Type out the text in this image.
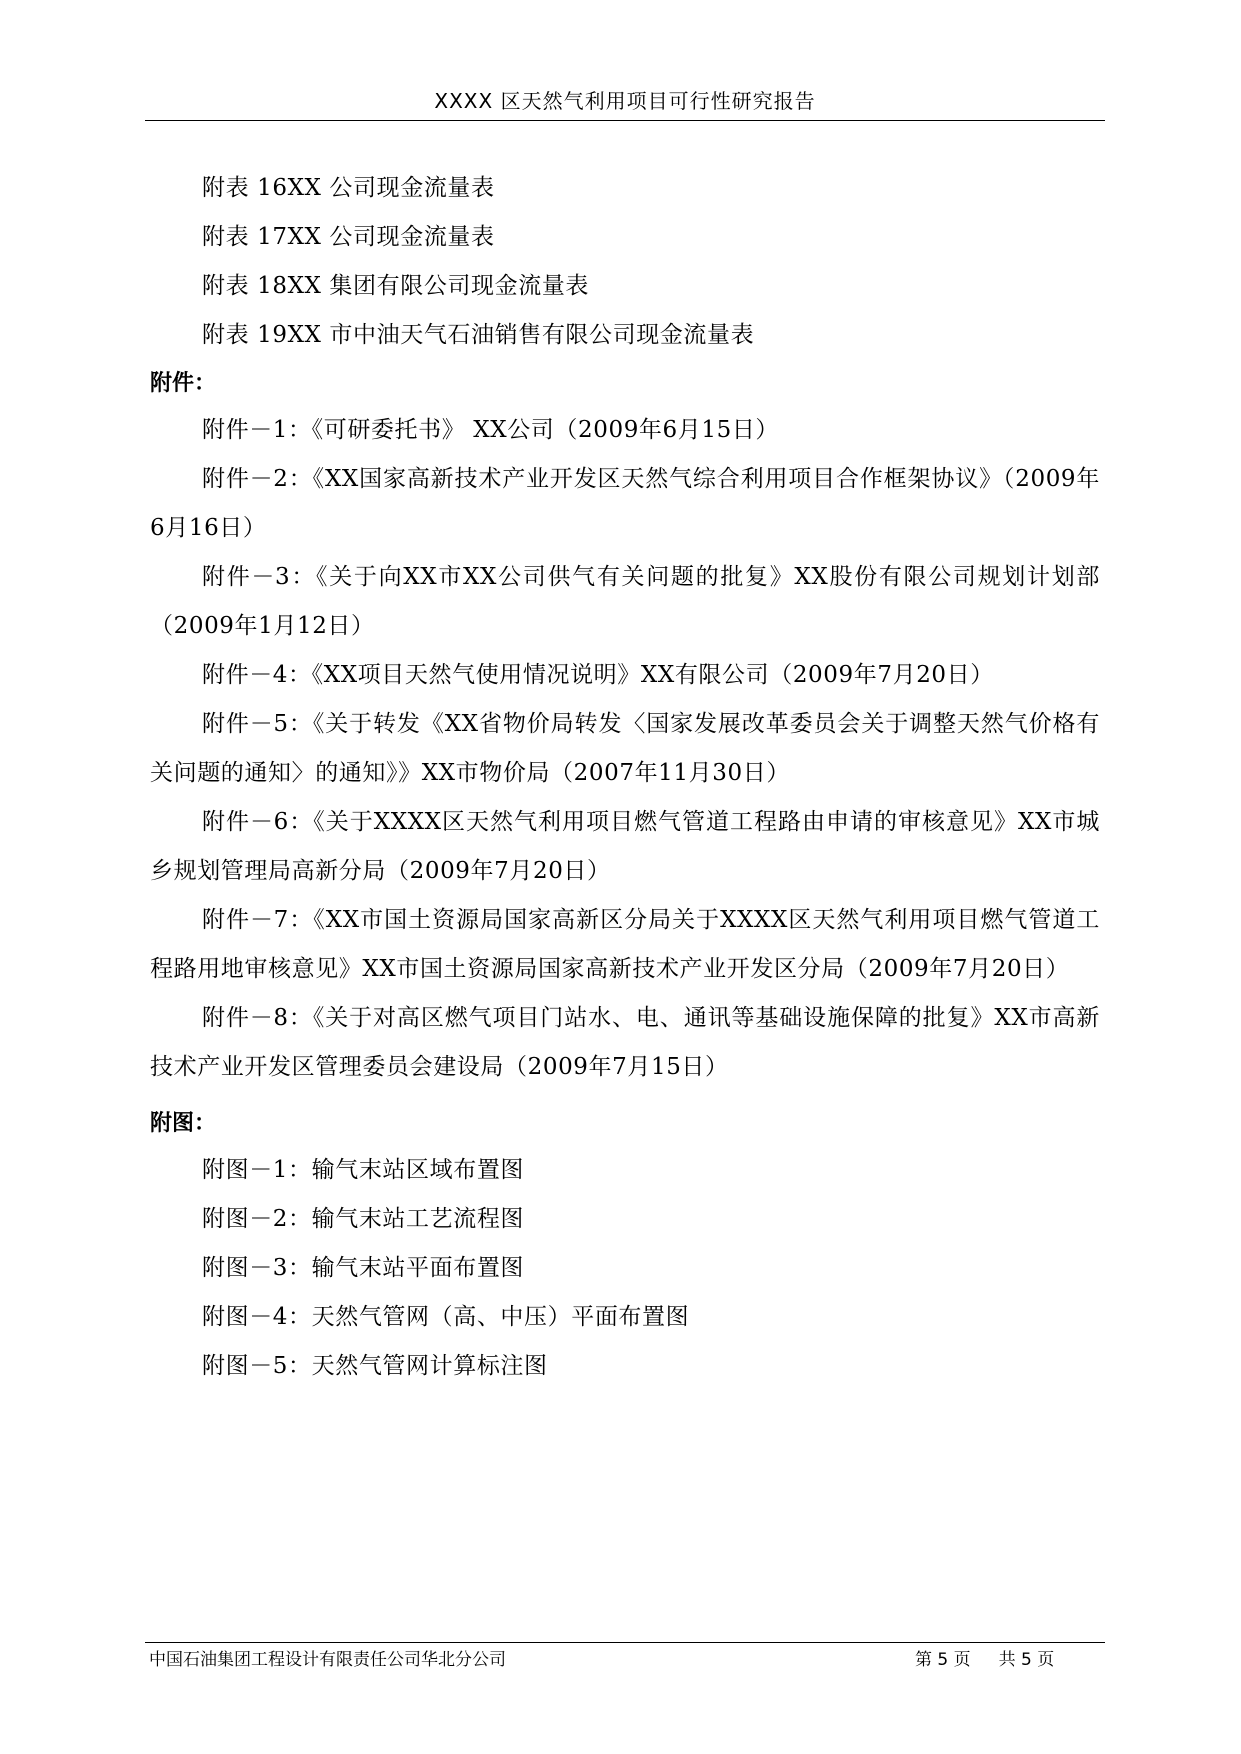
XXXX 区天然气利用项目可行性研究报告
附表 16XX 公司现金流量表
附表 17XX 公司现金流量表
附表 18XX 集团有限公司现金流量表
附表 19XX 市中油天气石油销售有限公司现金流量表
附件：
附件－1：《可研委托书》 XX公司（2009年6月15日）
附件－2：《XX国家高新技术产业开发区天然气综合利用项目合作框架协议》（2009年6月16日）
附件－3：《关于向XX市XX公司供气有关问题的批复》XX股份有限公司规划计划部（2009年1月12日）
附件－4：《XX项目天然气使用情况说明》XX有限公司（2009年7月20日）
附件－5：《关于转发《XX省物价局转发〈国家发展改革委员会关于调整天然气价格有关问题的通知〉的通知》》XX市物价局（2007年11月30日）
附件－6：《关于XXXX区天然气利用项目燃气管道工程路由申请的审核意见》XX市城乡规划管理局高新分局（2009年7月20日）
附件－7：《XX市国土资源局国家高新区分局关于XXXX区天然气利用项目燃气管道工程路用地审核意见》XX市国土资源局国家高新技术产业开发区分局（2009年7月20日）
附件－8：《关于对高区燃气项目门站水、电、通讯等基础设施保障的批复》XX市高新技术产业开发区管理委员会建设局（2009年7月15日）
附图：
附图－1：输气末站区域布置图
附图－2：输气末站工艺流程图
附图－3：输气末站平面布置图
附图－4：天然气管网（高、中压）平面布置图
附图－5：天然气管网计算标注图
中国石油集团工程设计有限责任公司华北分公司	第 5 页 共 5 页
